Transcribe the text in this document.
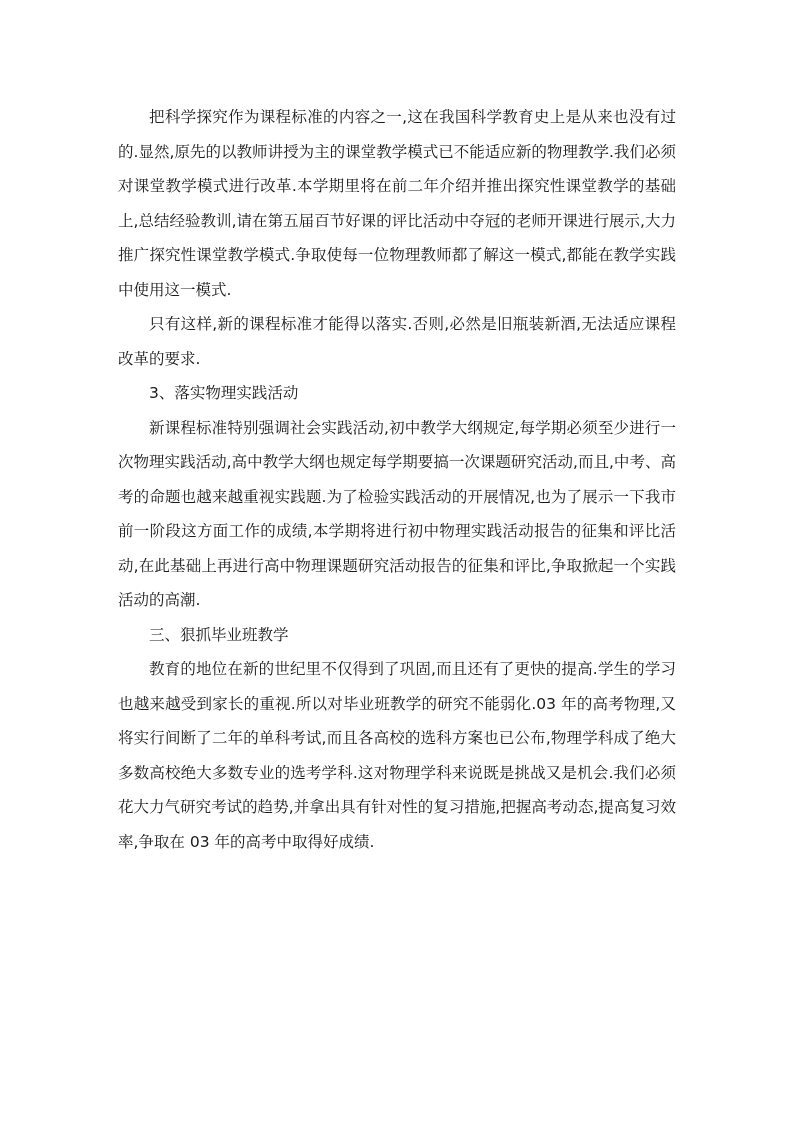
把科学探究作为课程标准的内容之一,这在我国科学教育史上是从来也没有过的.显然,原先的以教师讲授为主的课堂教学模式已不能适应新的物理教学.我们必须对课堂教学模式进行改革.本学期里将在前二年介绍并推出探究性课堂教学的基础上,总结经验教训,请在第五届百节好课的评比活动中夺冠的老师开课进行展示,大力推广探究性课堂教学模式.争取使每一位物理教师都了解这一模式,都能在教学实践中使用这一模式.

只有这样,新的课程标准才能得以落实.否则,必然是旧瓶装新酒,无法适应课程改革的要求.

3、落实物理实践活动

新课程标准特别强调社会实践活动,初中教学大纲规定,每学期必须至少进行一次物理实践活动,高中教学大纲也规定每学期要搞一次课题研究活动,而且,中考、高考的命题也越来越重视实践题.为了检验实践活动的开展情况,也为了展示一下我市前一阶段这方面工作的成绩,本学期将进行初中物理实践活动报告的征集和评比活动,在此基础上再进行高中物理课题研究活动报告的征集和评比,争取掀起一个实践活动的高潮.

三、狠抓毕业班教学

教育的地位在新的世纪里不仅得到了巩固,而且还有了更快的提高.学生的学习也越来越受到家长的重视.所以对毕业班教学的研究不能弱化.03 年的高考物理,又将实行间断了二年的单科考试,而且各高校的选科方案也已公布,物理学科成了绝大多数高校绝大多数专业的选考学科.这对物理学科来说既是挑战又是机会.我们必须花大力气研究考试的趋势,并拿出具有针对性的复习措施,把握高考动态,提高复习效率,争取在 03 年的高考中取得好成绩.
